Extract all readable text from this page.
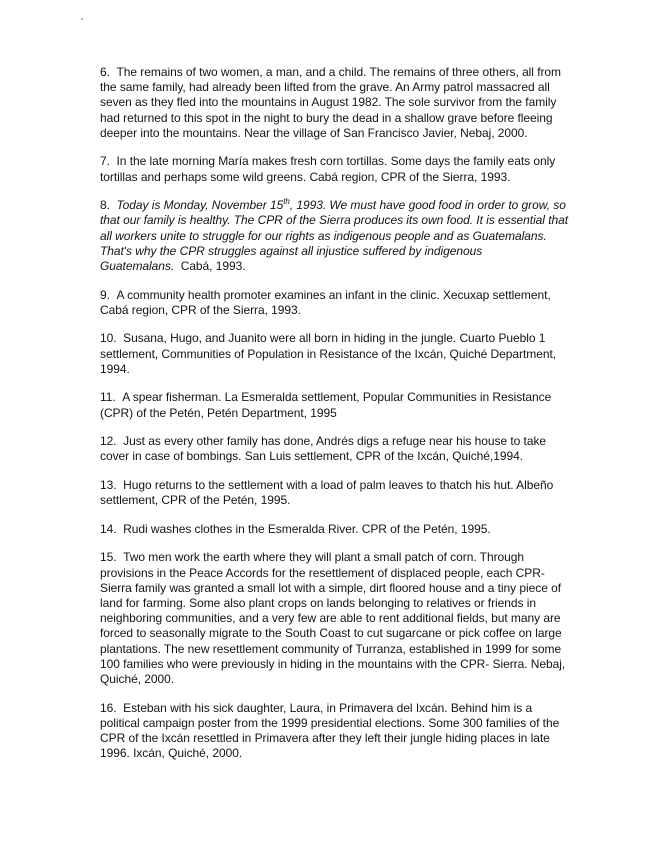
6. The remains of two women, a man, and a child. The remains of three others, all from the same family, had already been lifted from the grave. An Army patrol massacred all seven as they fled into the mountains in August 1982. The sole survivor from the family had returned to this spot in the night to bury the dead in a shallow grave before fleeing deeper into the mountains. Near the village of San Francisco Javier, Nebaj, 2000.

7. In the late morning María makes fresh corn tortillas. Some days the family eats only tortillas and perhaps some wild greens. Cabá region, CPR of the Sierra, 1993.

8. Today is Monday, November 15th, 1993. We must have good food in order to grow, so that our family is healthy. The CPR of the Sierra produces its own food. It is essential that all workers unite to struggle for our rights as indigenous people and as Guatemalans. That's why the CPR struggles against all injustice suffered by indigenous Guatemalans. Cabá, 1993.

9. A community health promoter examines an infant in the clinic. Xecuxap settlement, Cabá region, CPR of the Sierra, 1993.

10. Susana, Hugo, and Juanito were all born in hiding in the jungle. Cuarto Pueblo 1 settlement, Communities of Population in Resistance of the Ixcán, Quiché Department, 1994.

11. A spear fisherman. La Esmeralda settlement, Popular Communities in Resistance (CPR) of the Petén, Petén Department, 1995

12. Just as every other family has done, Andrés digs a refuge near his house to take cover in case of bombings. San Luis settlement, CPR of the Ixcán, Quiché,1994.

13. Hugo returns to the settlement with a load of palm leaves to thatch his hut. Albeño settlement, CPR of the Petén, 1995.

14. Rudi washes clothes in the Esmeralda River. CPR of the Petén, 1995.

15. Two men work the earth where they will plant a small patch of corn. Through provisions in the Peace Accords for the resettlement of displaced people, each CPR-Sierra family was granted a small lot with a simple, dirt floored house and a tiny piece of land for farming. Some also plant crops on lands belonging to relatives or friends in neighboring communities, and a very few are able to rent additional fields, but many are forced to seasonally migrate to the South Coast to cut sugarcane or pick coffee on large plantations. The new resettlement community of Turranza, established in 1999 for some 100 families who were previously in hiding in the mountains with the CPR- Sierra. Nebaj, Quiché, 2000.

16. Esteban with his sick daughter, Laura, in Primavera del Ixcán. Behind him is a political campaign poster from the 1999 presidential elections. Some 300 families of the CPR of the Ixcán resettled in Primavera after they left their jungle hiding places in late 1996. Ixcán, Quiché, 2000.
